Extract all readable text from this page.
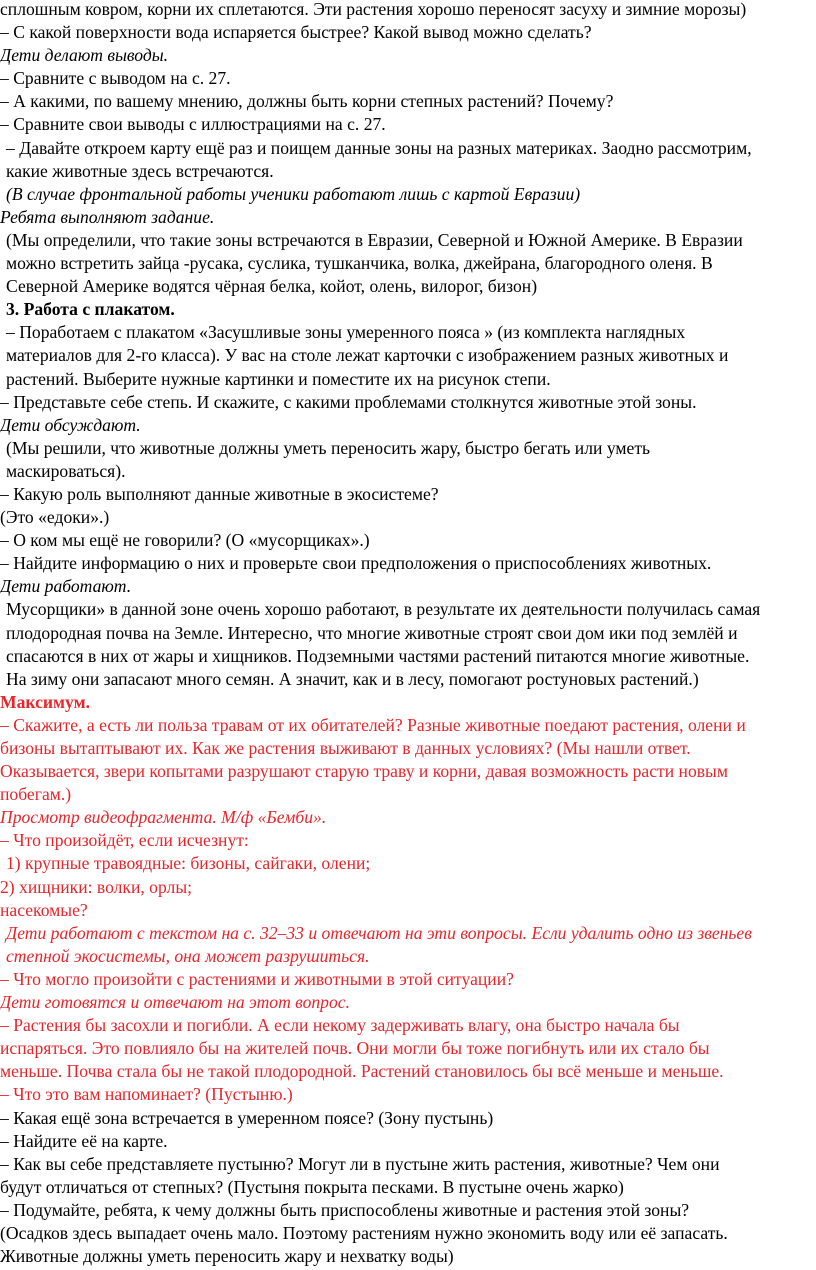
сплошным ковром, корни их сплетаются. Эти растения хорошо переносят засуху и зимние морозы)
– С какой поверхности вода испаряется быстрее? Какой вывод можно сделать?
Дети делают выводы.
– Сравните с выводом на с. 27.
– А какими, по вашему мнению, должны быть корни степных растений? Почему?
– Сравните свои выводы с иллюстрациями на с. 27.
– Давайте откроем карту ещё раз и поищем данные зоны на разных материках. Заодно рассмотрим,
какие животные здесь встречаются.
(В случае фронтальной работы ученики работают лишь с картой Евразии)
Ребята выполняют задание.
(Мы определили, что такие зоны встречаются в Евразии, Северной и Южной Америке. В Евразии
можно встретить зайца -русака, суслика, тушканчика, волка, джейрана, благородного оленя. В
Северной Америке водятся чёрная белка, койот, олень, вилорог, бизон)
3. Работа с плакатом.
– Поработаем с плакатом «Засушливые зоны умеренного пояса » (из комплекта наглядных
материалов для 2-го класса). У вас на столе лежат карточки с изображением разных животных и
растений. Выберите нужные картинки и поместите их на рисунок степи.
– Представьте себе степь. И скажите, с какими проблемами столкнутся животные этой зоны.
Дети обсуждают.
(Мы решили, что животные должны уметь переносить жару, быстро бегать или уметь
маскироваться).
– Какую роль выполняют данные животные в экосистеме?
(Это «едоки».)
– О ком мы ещё не говорили? (О «мусорщиках».)
– Найдите информацию о них и проверьте свои предположения о приспособлениях животных.
Дети работают.
Мусорщики» в данной зоне очень хорошо работают, в результате их деятельности получилась самая
плодородная почва на Земле. Интересно, что многие животные строят свои дом ики под землёй и
спасаются в них от жары и хищников. Подземными частями растений питаются многие животные.
На зиму они запасают много семян. А значит, как и в лесу, помогают ростуновых растений.)
Максимум.
– Скажите, а есть ли польза травам от их обитателей? Разные животные поедают растения, олени и
бизоны вытаптывают их. Как же растения выживают в данных условиях? (Мы нашли ответ.
Оказывается, звери копытами разрушают старую траву и корни, давая возможность расти новым
побегам.)
Просмотр видеофрагмента. М/ф «Бемби».
– Что произойдёт, если исчезнут:
1) крупные травоядные: бизоны, сайгаки, олени;
2) хищники: волки, орлы;
насекомые?
Дети работают с текстом на с. 32–33 и отвечают на эти вопросы. Если удалить одно из звеньев
степной экосистемы, она может разрушиться.
– Что могло произойти с растениями и животными в этой ситуации?
Дети готовятся и отвечают на этот вопрос.
– Растения бы засохли и погибли. А если некому задерживать влагу, она быстро начала бы
испаряться. Это повлияло бы на жителей почв. Они могли бы тоже погибнуть или их стало бы
меньше. Почва стала бы не такой плодородной. Растений становилось бы всё меньше и меньше.
– Что это вам напоминает? (Пустыню.)
– Какая ещё зона встречается в умеренном поясе? (Зону пустынь)
– Найдите её на карте.
– Как вы себе представляете пустыню? Могут ли в пустыне жить растения, животные? Чем они
будут отличаться от степных? (Пустыня покрыта песками. В пустыне очень жарко)
– Подумайте, ребята, к чему должны быть приспособлены животные и растения этой зоны?
(Осадков здесь выпадает очень мало. Поэтому растениям нужно экономить воду или её запасать.
Животные должны уметь переносить жару и нехватку воды)
